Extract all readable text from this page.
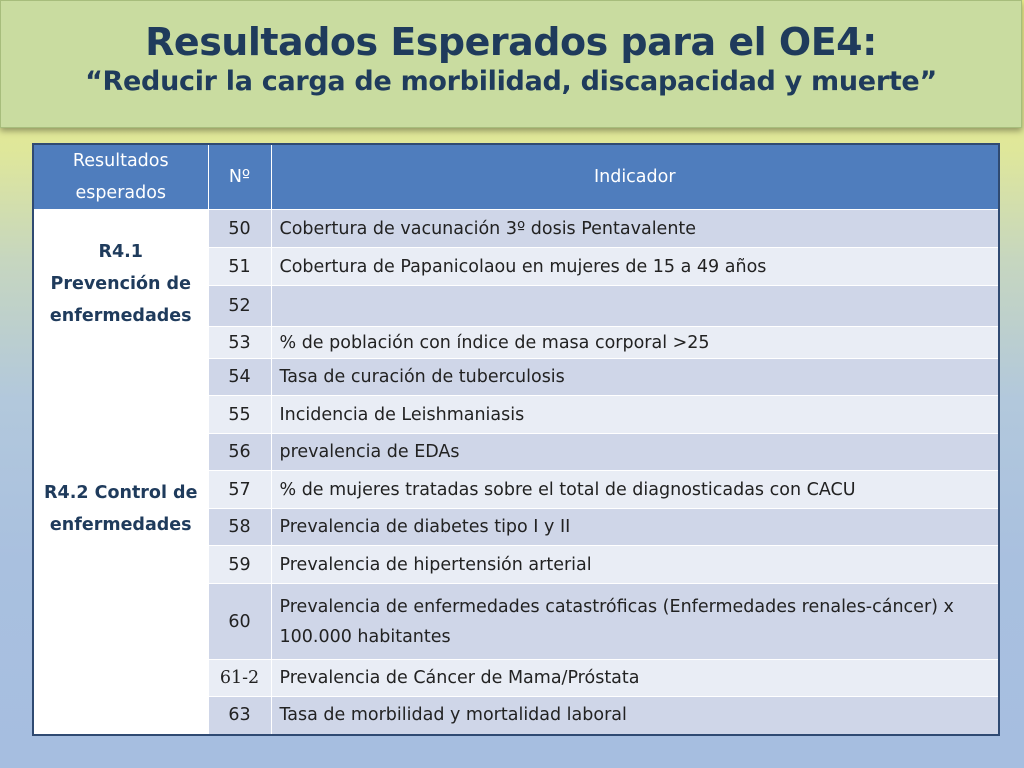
Resultados Esperados para el OE4:
“Reducir la carga de morbilidad, discapacidad y muerte”
Resultados esperados	Nº	Indicador
R4.1 Prevención de enfermedades	50	Cobertura de vacunación 3º dosis Pentavalente
	51	Cobertura de Papanicolaou en mujeres de 15 a 49 años
	52	
	53	% de población con índice de masa corporal >25
R4.2 Control de enfermedades	54	Tasa de curación de tuberculosis
	55	Incidencia de Leishmaniasis
	56	prevalencia de EDAs
	57	% de mujeres tratadas sobre el total de diagnosticadas con CACU
	58	Prevalencia de diabetes tipo I y II
	59	Prevalencia de hipertensión arterial
	60	Prevalencia de enfermedades catastróficas (Enfermedades renales-cáncer) x 100.000 habitantes
	61-2	Prevalencia de Cáncer de Mama/Próstata
	63	Tasa de morbilidad y mortalidad laboral
